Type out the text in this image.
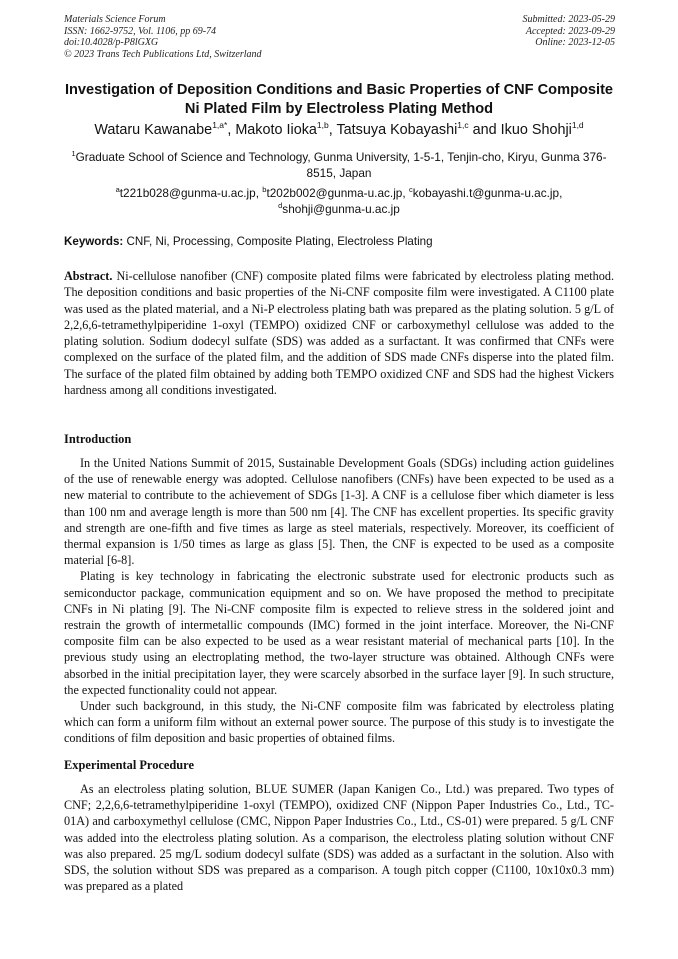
Materials Science Forum
ISSN: 1662-9752, Vol. 1106, pp 69-74
doi:10.4028/p-P8lGXG
© 2023 Trans Tech Publications Ltd, Switzerland
Submitted: 2023-05-29
Accepted: 2023-09-29
Online: 2023-12-05
Investigation of Deposition Conditions and Basic Properties of CNF Composite Ni Plated Film by Electroless Plating Method
Wataru Kawanabe$^{1,a*}$, Makoto Iioka$^{1,b}$, Tatsuya Kobayashi$^{1,c}$ and Ikuo Shohji$^{1,d}$
$^1$Graduate School of Science and Technology, Gunma University, 1-5-1, Tenjin-cho, Kiryu, Gunma 376-8515, Japan
$^a$t221b028@gunma-u.ac.jp, $^b$t202b002@gunma-u.ac.jp, $^c$kobayashi.t@gunma-u.ac.jp,
$^d$shohji@gunma-u.ac.jp
Keywords: CNF, Ni, Processing, Composite Plating, Electroless Plating
Abstract. Ni-cellulose nanofiber (CNF) composite plated films were fabricated by electroless plating method. The deposition conditions and basic properties of the Ni-CNF composite film were investigated. A C1100 plate was used as the plated material, and a Ni-P electroless plating bath was prepared as the plating solution. 5 g/L of 2,2,6,6-tetramethylpiperidine 1-oxyl (TEMPO) oxidized CNF or carboxymethyl cellulose was added to the plating solution. Sodium dodecyl sulfate (SDS) was added as a surfactant. It was confirmed that CNFs were complexed on the surface of the plated film, and the addition of SDS made CNFs disperse into the plated film. The surface of the plated film obtained by adding both TEMPO oxidized CNF and SDS had the highest Vickers hardness among all conditions investigated.
Introduction

In the United Nations Summit of 2015, Sustainable Development Goals (SDGs) including action guidelines of the use of renewable energy was adopted. Cellulose nanofibers (CNFs) have been expected to be used as a new material to contribute to the achievement of SDGs [1-3]. A CNF is a cellulose fiber which diameter is less than 100 nm and average length is more than 500 nm [4]. The CNF has excellent properties. Its specific gravity and strength are one-fifth and five times as large as steel materials, respectively. Moreover, its coefficient of thermal expansion is 1/50 times as large as glass [5]. Then, the CNF is expected to be used as a composite material [6-8].

Plating is key technology in fabricating the electronic substrate used for electronic products such as semiconductor package, communication equipment and so on. We have proposed the method to precipitate CNFs in Ni plating [9]. The Ni-CNF composite film is expected to relieve stress in the soldered joint and restrain the growth of intermetallic compounds (IMC) formed in the joint interface. Moreover, the Ni-CNF composite film can be also expected to be used as a wear resistant material of mechanical parts [10]. In the previous study using an electroplating method, the two-layer structure was obtained. Although CNFs were absorbed in the initial precipitation layer, they were scarcely absorbed in the surface layer [9]. In such structure, the expected functionality could not appear.

Under such background, in this study, the Ni-CNF composite film was fabricated by electroless plating which can form a uniform film without an external power source. The purpose of this study is to investigate the conditions of film deposition and basic properties of obtained films.

Experimental Procedure

As an electroless plating solution, BLUE SUMER (Japan Kanigen Co., Ltd.) was prepared. Two types of CNF; 2,2,6,6-tetramethylpiperidine 1-oxyl (TEMPO), oxidized CNF (Nippon Paper Industries Co., Ltd., TC-01A) and carboxymethyl cellulose (CMC, Nippon Paper Industries Co., Ltd., CS-01) were prepared. 5 g/L CNF was added into the electroless plating solution. As a comparison, the electroless plating solution without CNF was also prepared. 25 mg/L sodium dodecyl sulfate (SDS) was added as a surfactant in the solution. Also with SDS, the solution without SDS was prepared as a comparison. A tough pitch copper (C1100, 10x10x0.3 mm) was prepared as a plated
